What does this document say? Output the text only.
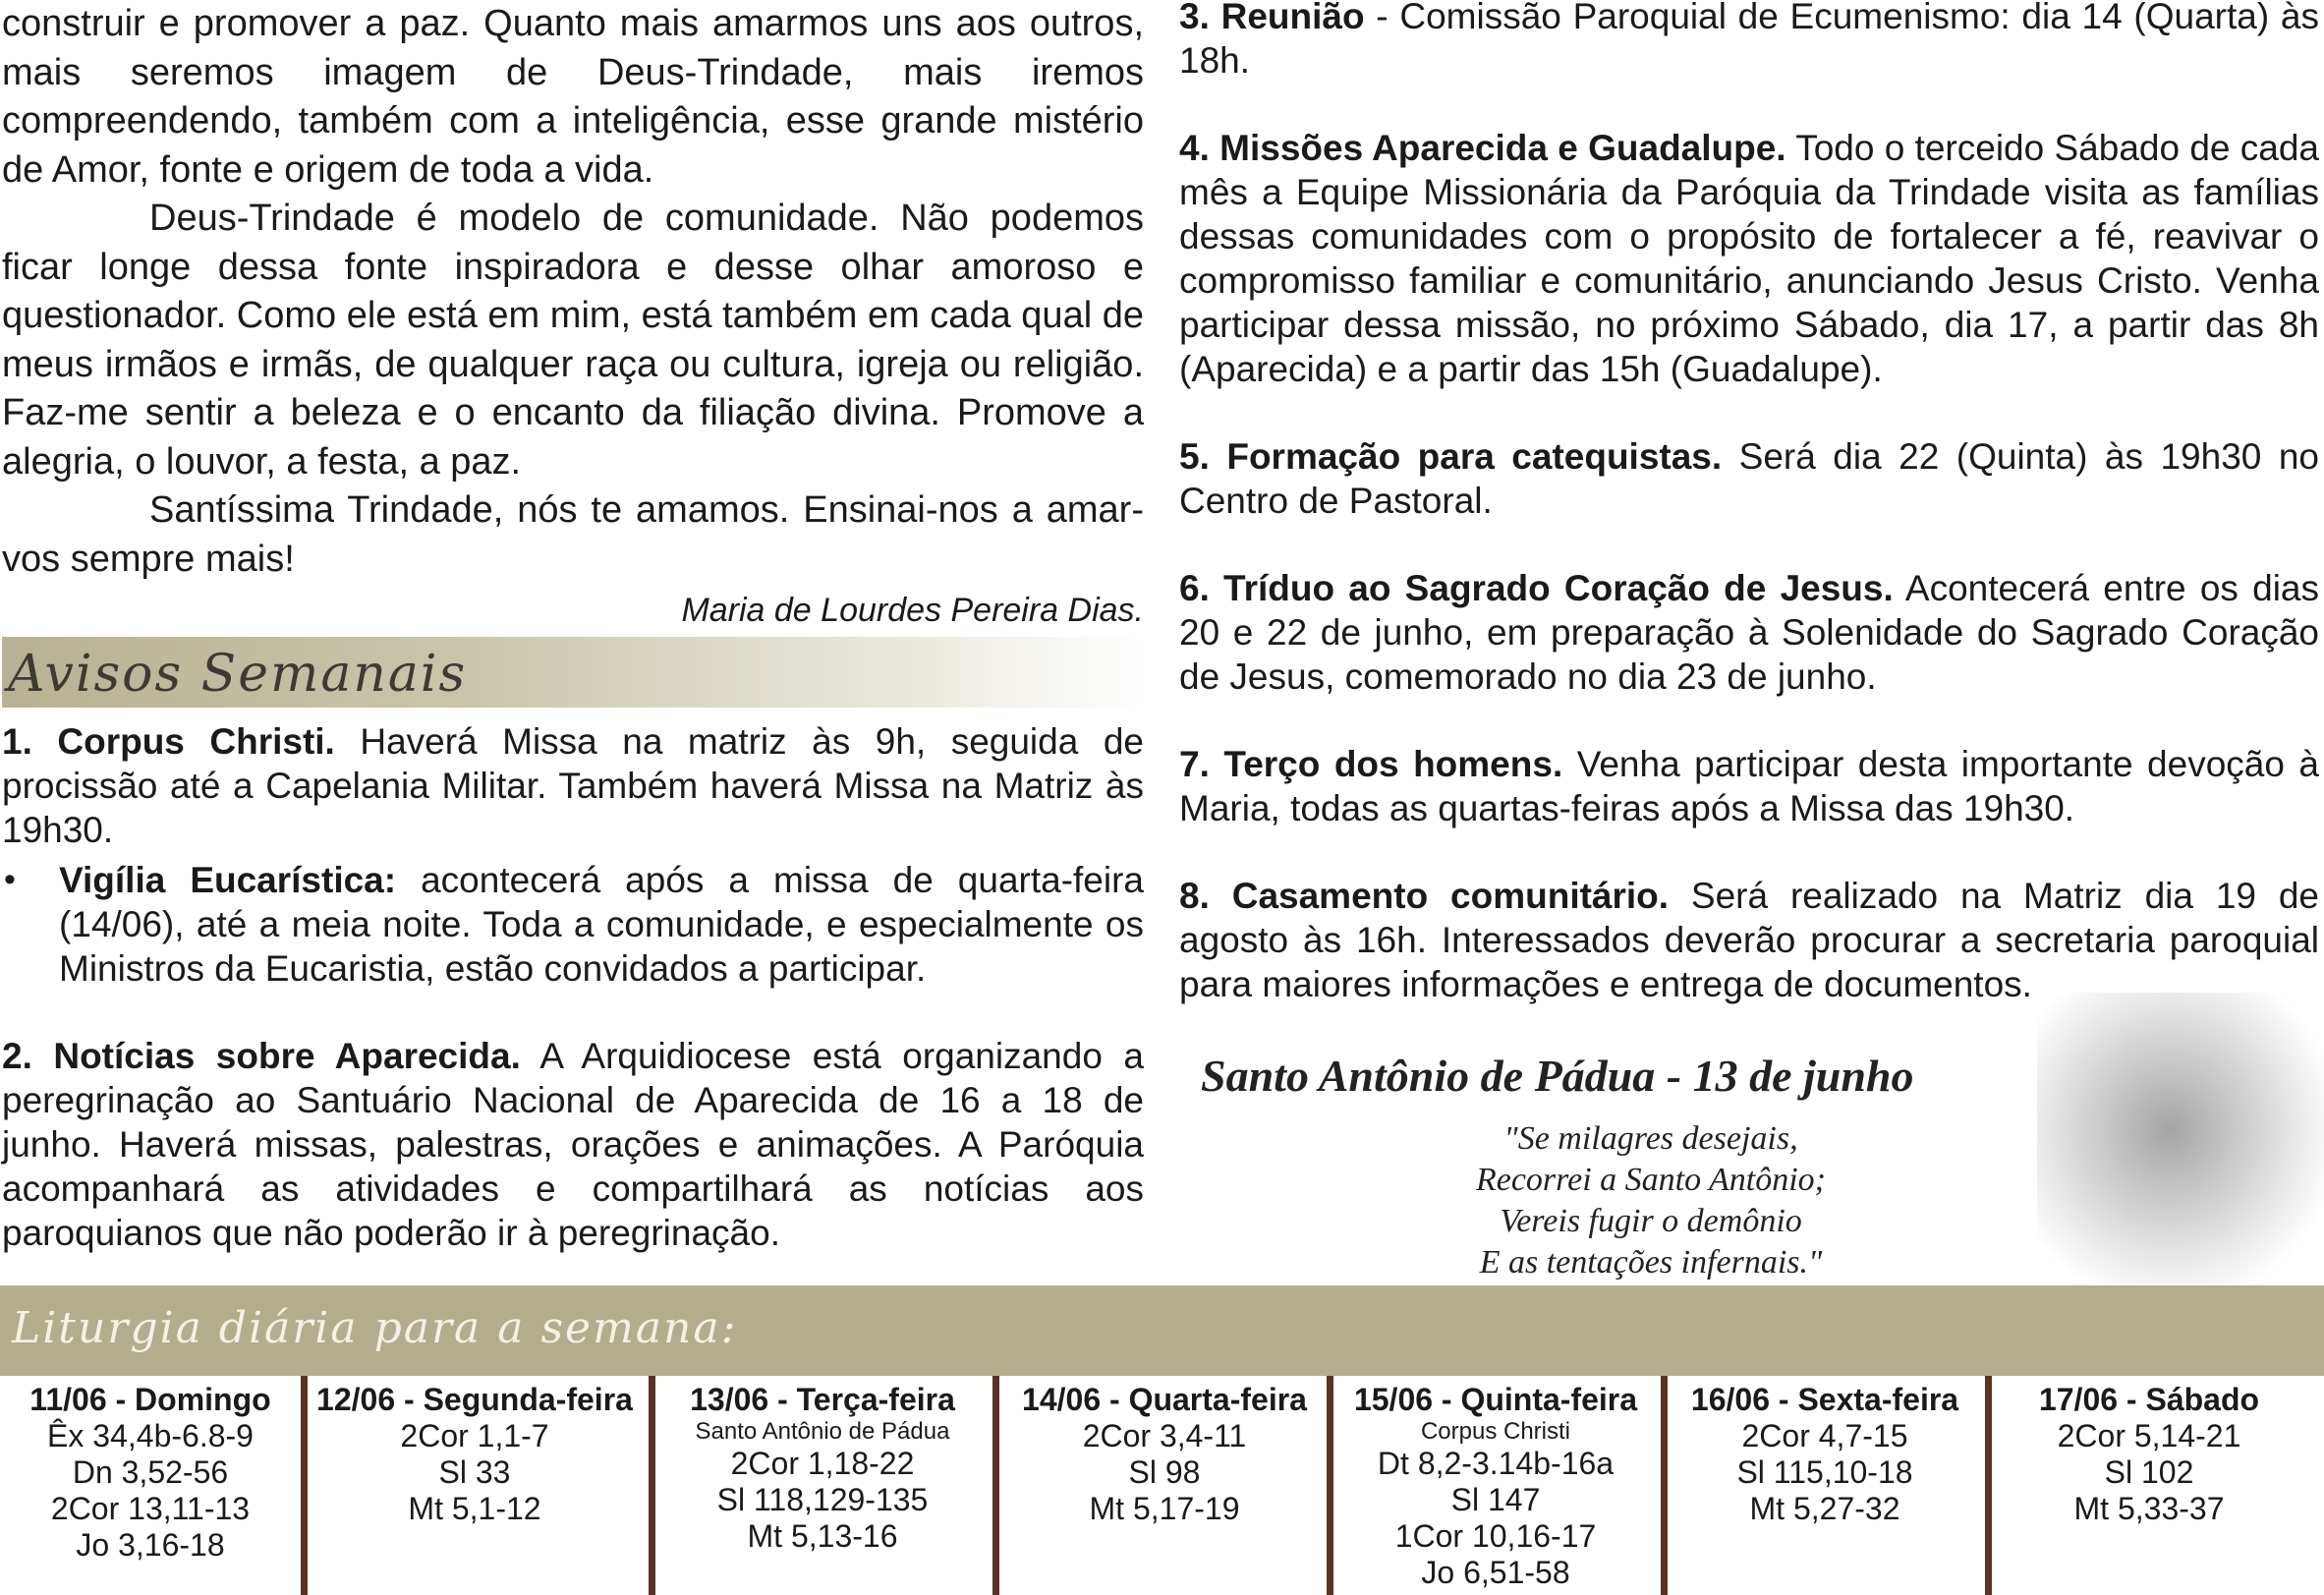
construir e promover a paz. Quanto mais amarmos uns aos outros, mais seremos imagem de Deus-Trindade, mais iremos compreendendo, também com a inteligência, esse grande mistério de Amor, fonte e origem de toda a vida.

Deus-Trindade é modelo de comunidade. Não podemos ficar longe dessa fonte inspiradora e desse olhar amoroso e questionador. Como ele está em mim, está também em cada qual de meus irmãos e irmãs, de qualquer raça ou cultura, igreja ou religião. Faz-me sentir a beleza e o encanto da filiação divina. Promove a alegria, o louvor, a festa, a paz.

Santíssima Trindade, nós te amamos. Ensinai-nos a amar-vos sempre mais!

Maria de Lourdes Pereira Dias.

Avisos Semanais

1. Corpus Christi. Haverá Missa na matriz às 9h, seguida de procissão até a Capelania Militar. Também haverá Missa na Matriz às 19h30.

• Vigília Eucarística: acontecerá após a missa de quarta-feira (14/06), até a meia noite. Toda a comunidade, e especialmente os Ministros da Eucaristia, estão convidados a participar.

2. Notícias sobre Aparecida. A Arquidiocese está organizando a peregrinação ao Santuário Nacional de Aparecida de 16 a 18 de junho. Haverá missas, palestras, orações e animações. A Paróquia acompanhará as atividades e compartilhará as notícias aos paroquianos que não poderão ir à peregrinação.

3. Reunião - Comissão Paroquial de Ecumenismo: dia 14 (Quarta) às 18h.

4. Missões Aparecida e Guadalupe. Todo o terceido Sábado de cada mês a Equipe Missionária da Paróquia da Trindade visita as famílias dessas comunidades com o propósito de fortalecer a fé, reavivar o compromisso familiar e comunitário, anunciando Jesus Cristo. Venha participar dessa missão, no próximo Sábado, dia 17, a partir das 8h (Aparecida) e a partir das 15h (Guadalupe).

5. Formação para catequistas. Será dia 22 (Quinta) às 19h30 no Centro de Pastoral.

6. Tríduo ao Sagrado Coração de Jesus. Acontecerá entre os dias 20 e 22 de junho, em preparação à Solenidade do Sagrado Coração de Jesus, comemorado no dia 23 de junho.

7. Terço dos homens. Venha participar desta importante devoção à Maria, todas as quartas-feiras após a Missa das 19h30.

8. Casamento comunitário. Será realizado na Matriz dia 19 de agosto às 16h. Interessados deverão procurar a secretaria paroquial para maiores informações e entrega de documentos.

Santo Antônio de Pádua - 13 de junho
"Se milagres desejais,
Recorrei a Santo Antônio;
Vereis fugir o demônio
E as tentações infernais."
Liturgia diária para a semana:
11/06 - Domingo
Êx 34,4b-6.8-9
Dn 3,52-56
2Cor 13,11-13
Jo 3,16-18
12/06 - Segunda-feira
2Cor 1,1-7
Sl 33
Mt 5,1-12
13/06 - Terça-feira
Santo Antônio de Pádua
2Cor 1,18-22
Sl 118,129-135
Mt 5,13-16
14/06 - Quarta-feira
2Cor 3,4-11
Sl 98
Mt 5,17-19
15/06 - Quinta-feira
Corpus Christi
Dt 8,2-3.14b-16a
Sl 147
1Cor 10,16-17
Jo 6,51-58
16/06 - Sexta-feira
2Cor 4,7-15
Sl 115,10-18
Mt 5,27-32
17/06 - Sábado
2Cor 5,14-21
Sl 102
Mt 5,33-37
